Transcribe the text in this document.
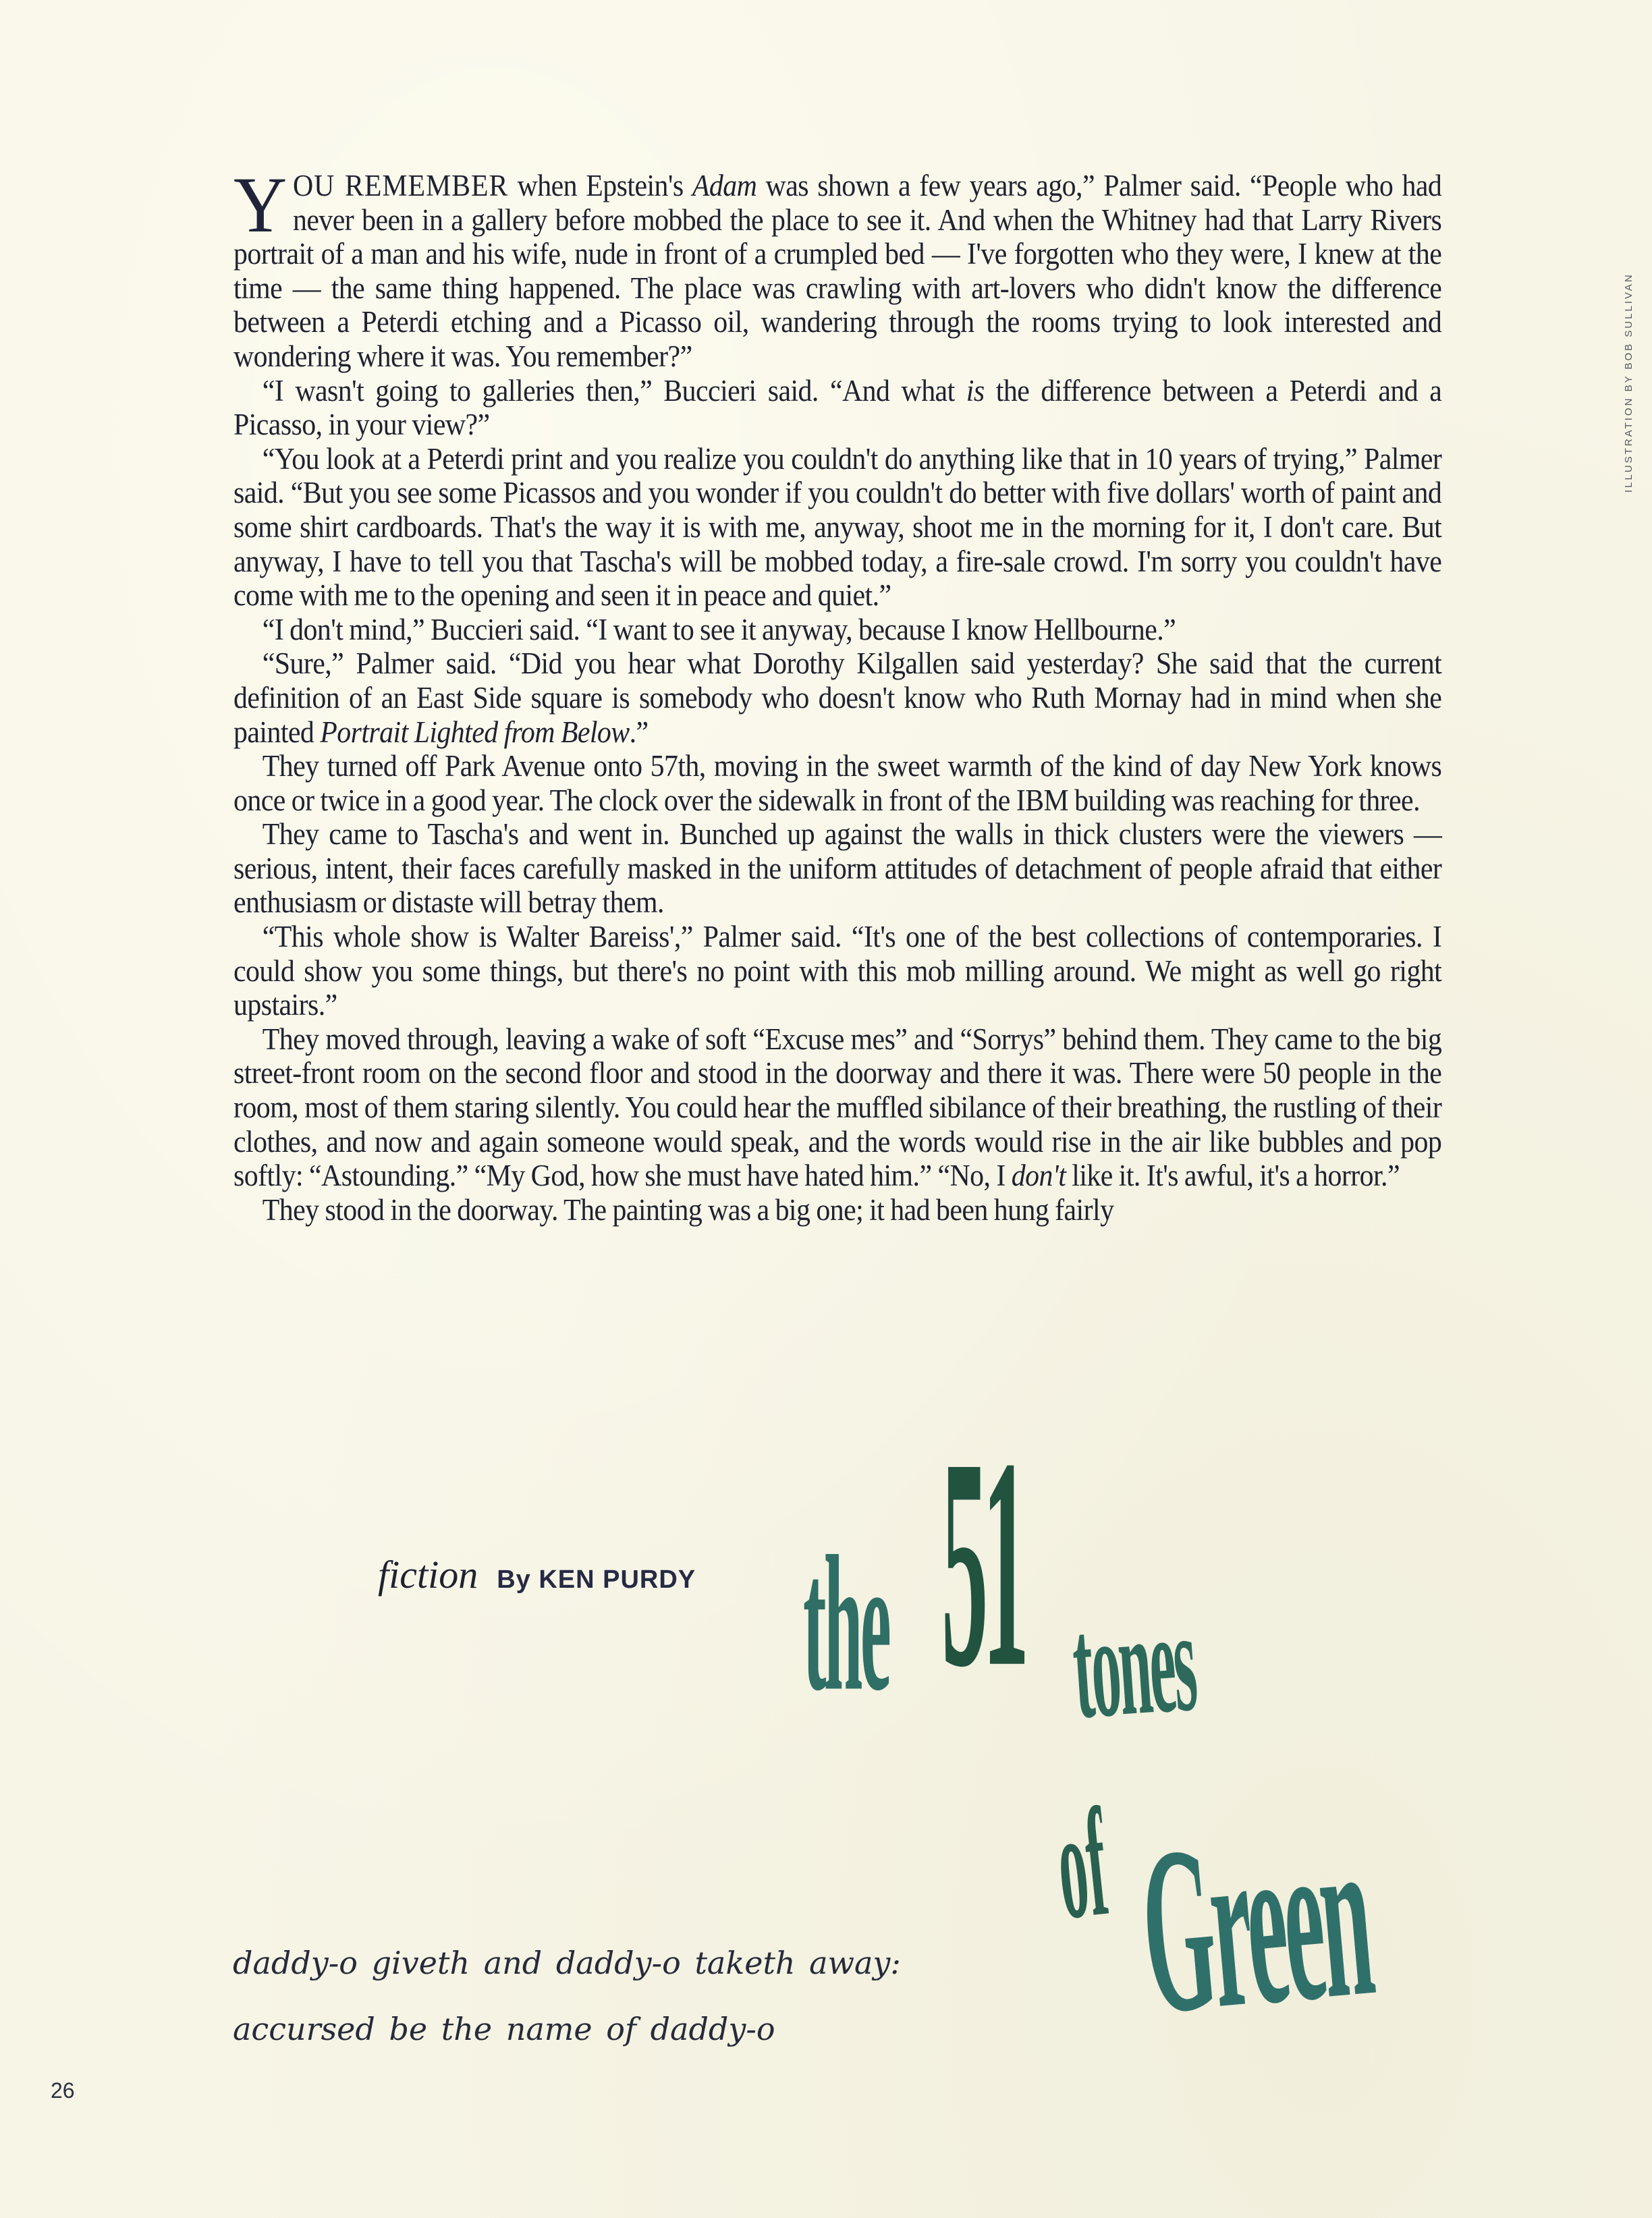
ILLUSTRATION BY BOB SULLIVAN

YOU REMEMBER when Epstein's Adam was shown a few years ago,” Palmer said. “People who had never been in a gallery before mobbed the place to see it. And when the Whitney had that Larry Rivers portrait of a man and his wife, nude in front of a crumpled bed — I've forgotten who they were, I knew at the time — the same thing happened. The place was crawling with art-lovers who didn't know the difference between a Peterdi etching and a Picasso oil, wandering through the rooms trying to look interested and wondering where it was. You remember?”

“I wasn't going to galleries then,” Buccieri said. “And what is the difference between a Peterdi and a Picasso, in your view?”

“You look at a Peterdi print and you realize you couldn't do anything like that in 10 years of trying,” Palmer said. “But you see some Picassos and you wonder if you couldn't do better with five dollars' worth of paint and some shirt cardboards. That's the way it is with me, anyway, shoot me in the morning for it, I don't care. But anyway, I have to tell you that Tascha's will be mobbed today, a fire-sale crowd. I'm sorry you couldn't have come with me to the opening and seen it in peace and quiet.”

“I don't mind,” Buccieri said. “I want to see it anyway, because I know Hellbourne.”

“Sure,” Palmer said. “Did you hear what Dorothy Kilgallen said yesterday? She said that the current definition of an East Side square is somebody who doesn't know who Ruth Mornay had in mind when she painted Portrait Lighted from Below.”

They turned off Park Avenue onto 57th, moving in the sweet warmth of the kind of day New York knows once or twice in a good year. The clock over the sidewalk in front of the IBM building was reaching for three.

They came to Tascha's and went in. Bunched up against the walls in thick clusters were the viewers — serious, intent, their faces carefully masked in the uniform attitudes of detachment of people afraid that either enthusiasm or distaste will betray them.

“This whole show is Walter Bareiss',” Palmer said. “It's one of the best collections of contemporaries. I could show you some things, but there's no point with this mob milling around. We might as well go right upstairs.”

They moved through, leaving a wake of soft “Excuse mes” and “Sorrys” behind them. They came to the big street-front room on the second floor and stood in the doorway and there it was. There were 50 people in the room, most of them staring silently. You could hear the muffled sibilance of their breathing, the rustling of their clothes, and now and again someone would speak, and the words would rise in the air like bubbles and pop softly: “Astounding.” “My God, how she must have hated him.” “No, I don't like it. It's awful, it's a horror.”

They stood in the doorway. The painting was a big one; it had been hung fairly

fiction By KEN PURDY the 51 tones
of Green
daddy-o giveth and daddy-o taketh away:
accursed be the name of daddy-o
26
